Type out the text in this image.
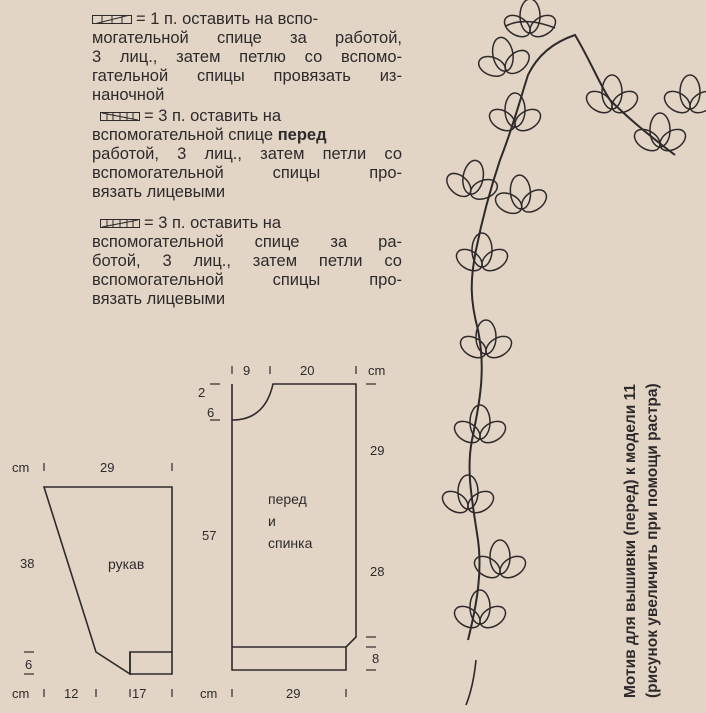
= 1 п. оставить на вспо-
могательной спице за работой,
3 лиц., затем петлю со вспомо-
гательной спицы провязать из-
наночной
= 3 п. оставить на
вспомогательной спице перед
работой, 3 лиц., затем петли со
вспомогательной спицы про-
вязать лицевыми
= 3 п. оставить на
вспомогательной спице за ра-
ботой, 3 лиц., затем петли со
вспомогательной спицы про-
вязать лицевыми
cm	29
38
6
cm	12	17
рукав
9	20	cm
2
6
57
29
28
8
cm	29
перед
и
спинка	Мотив для вышивки (перед) к модели 11 (рисунок увеличить при помощи растра)
